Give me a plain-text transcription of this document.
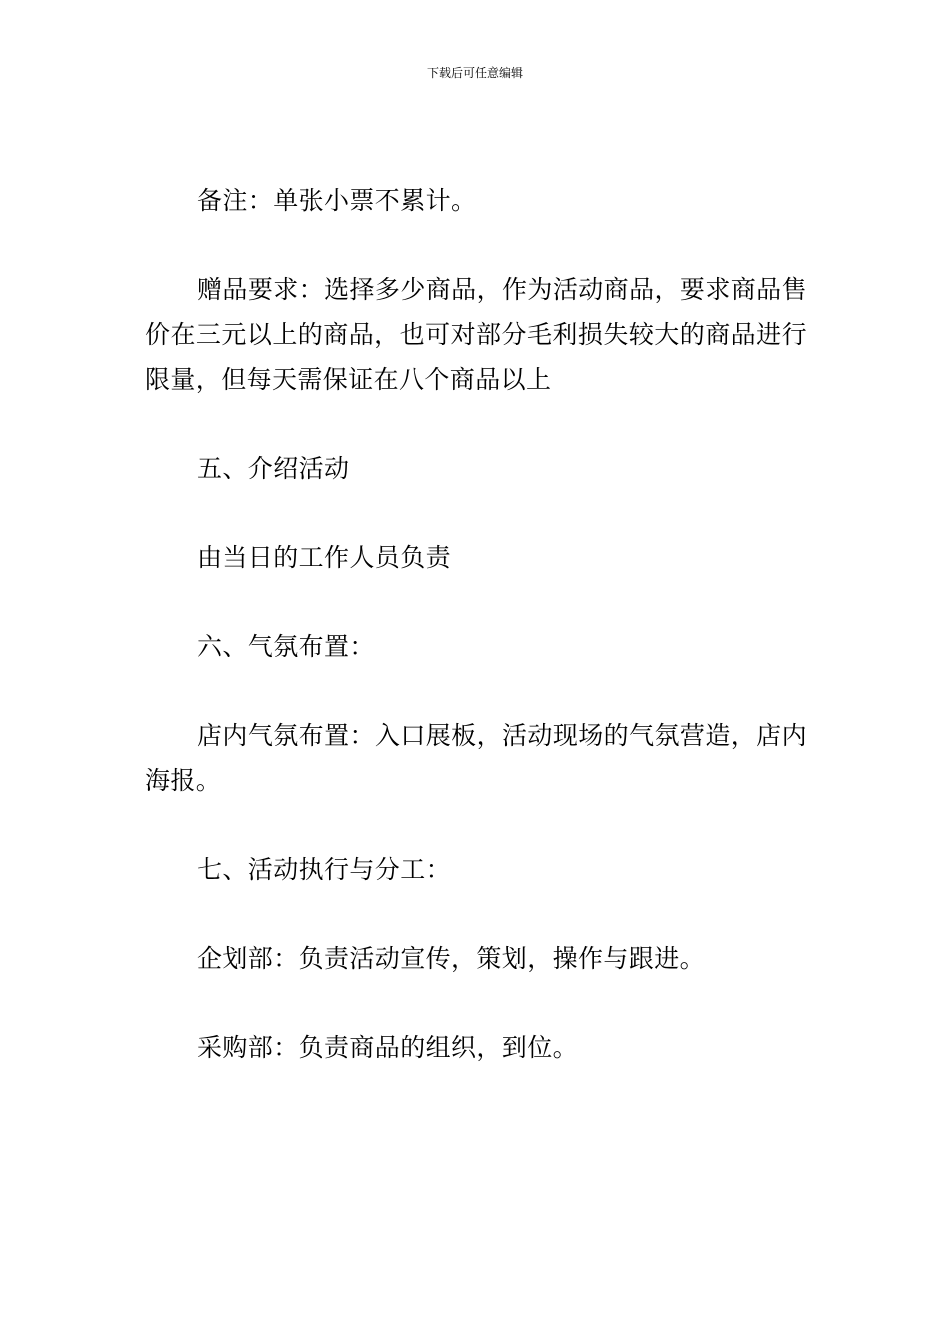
下载后可任意编辑

备注：单张小票不累计。

赠品要求：选择多少商品，作为活动商品，要求商品售价在三元以上的商品，也可对部分毛利损失较大的商品进行限量，但每天需保证在八个商品以上

五、介绍活动

由当日的工作人员负责

六、气氛布置：

店内气氛布置：入口展板，活动现场的气氛营造，店内海报。

七、活动执行与分工：

企划部：负责活动宣传，策划，操作与跟进。

采购部：负责商品的组织，到位。
